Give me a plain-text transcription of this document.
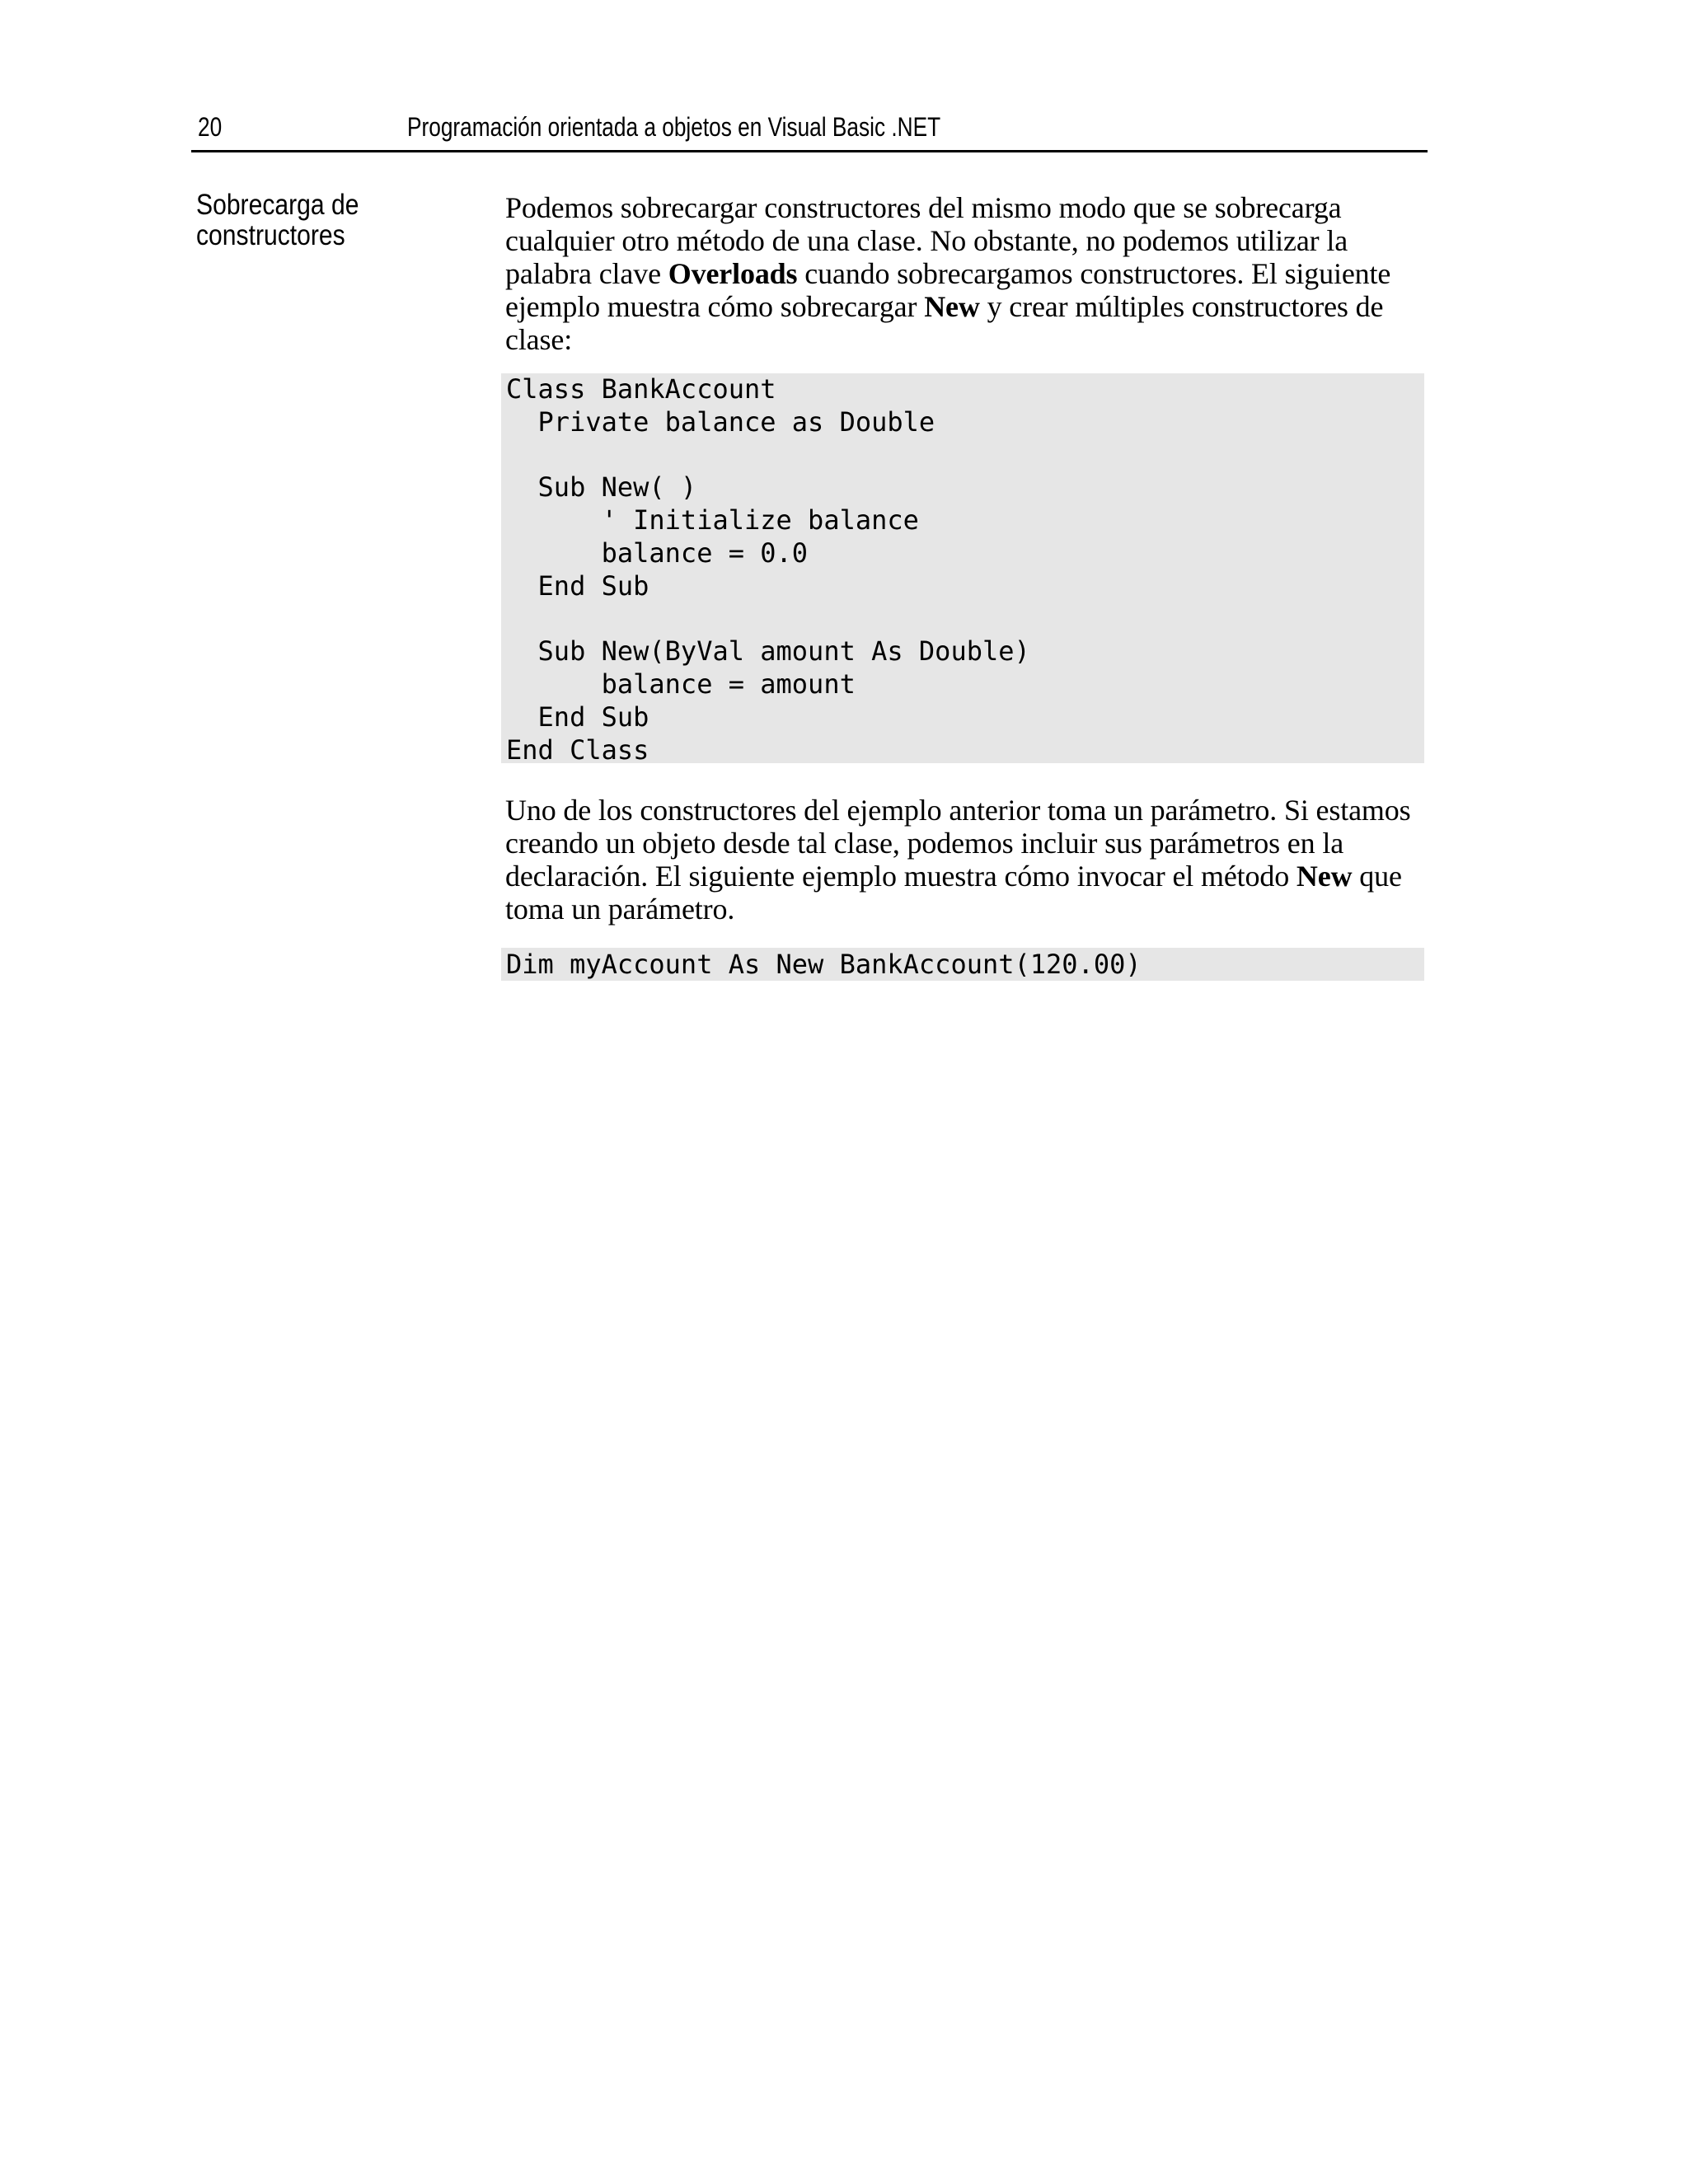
20	Programación orientada a objetos en Visual Basic .NET
Sobrecarga de constructores

Podemos sobrecargar constructores del mismo modo que se sobrecarga cualquier otro método de una clase. No obstante, no podemos utilizar la palabra clave Overloads cuando sobrecargamos constructores. El siguiente ejemplo muestra cómo sobrecargar New y crear múltiples constructores de clase:

Class BankAccount
Private balance as Double

Sub New( )
' Initialize balance
balance = 0.0
End Sub

Sub New(ByVal amount As Double)
balance = amount
End Sub
End Class

Uno de los constructores del ejemplo anterior toma un parámetro. Si estamos creando un objeto desde tal clase, podemos incluir sus parámetros en la declaración. El siguiente ejemplo muestra cómo invocar el método New que toma un parámetro.

Dim myAccount As New BankAccount(120.00)
